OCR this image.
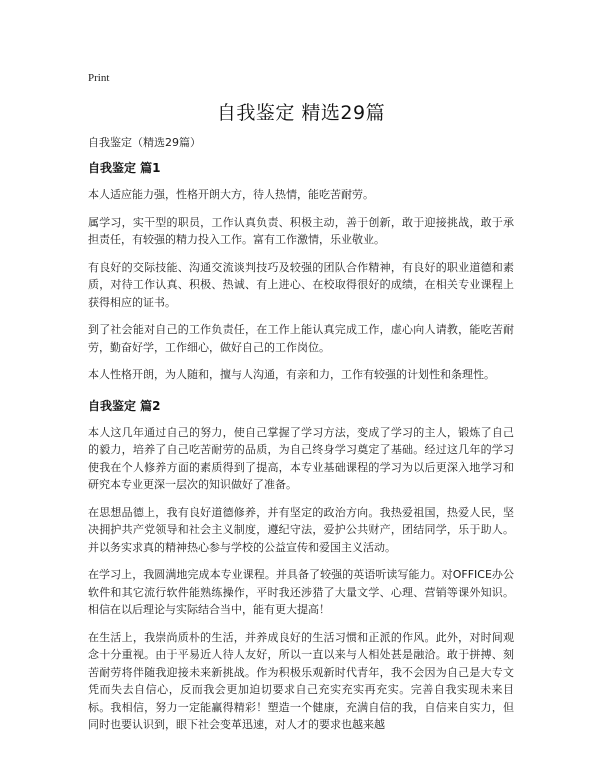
Print
自我鉴定 精选29篇
自我鉴定（精选29篇）
自我鉴定 篇1

本人适应能力强，性格开朗大方，待人热情，能吃苦耐劳。

属学习，实干型的职员，工作认真负责、积极主动，善于创新，敢于迎接挑战，敢于承担责任，有较强的精力投入工作。富有工作激情，乐业敬业。

有良好的交际技能、沟通交流谈判技巧及较强的团队合作精神，有良好的职业道德和素质，对待工作认真、积极、热诚、有上进心、在校取得很好的成绩，在相关专业课程上获得相应的证书。

到了社会能对自己的工作负责任，在工作上能认真完成工作，虚心向人请教，能吃苦耐劳，勤奋好学，工作细心，做好自己的工作岗位。

本人性格开朗，为人随和，擅与人沟通，有亲和力，工作有较强的计划性和条理性。

自我鉴定 篇2

本人这几年通过自己的努力，使自己掌握了学习方法，变成了学习的主人，锻炼了自己的毅力，培养了自己吃苦耐劳的品质，为自己终身学习奠定了基础。经过这几年的学习使我在个人修养方面的素质得到了提高，本专业基础课程的学习为以后更深入地学习和研究本专业更深一层次的知识做好了准备。

在思想品德上，我有良好道德修养，并有坚定的政治方向。我热爱祖国，热爱人民，坚决拥护共产党领导和社会主义制度，遵纪守法，爱护公共财产，团结同学，乐于助人。并以务实求真的精神热心参与学校的公益宣传和爱国主义活动。

在学习上，我圆满地完成本专业课程。并具备了较强的英语听读写能力。对OFFICE办公软件和其它流行软件能熟练操作，平时我还涉猎了大量文学、心理、营销等课外知识。相信在以后理论与实际结合当中，能有更大提高！

在生活上，我崇尚质朴的生活，并养成良好的生活习惯和正派的作风。此外，对时间观念十分重视。由于平易近人待人友好，所以一直以来与人相处甚是融洽。敢于拼搏、刻苦耐劳将伴随我迎接未来新挑战。作为积极乐观新时代青年，我不会因为自己是大专文凭而失去自信心，反而我会更加迫切要求自己充实充实再充实。完善自我实现未来目标。我相信，努力一定能赢得精彩！塑造一个健康，充满自信的我，自信来自实力，但同时也要认识到，眼下社会变革迅速，对人才的要求也越来越
